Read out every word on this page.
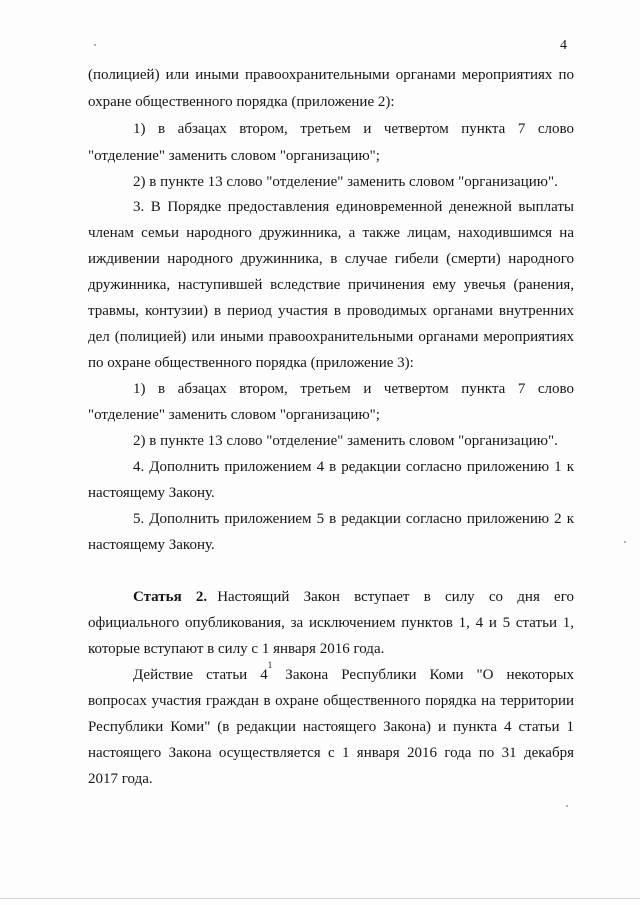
4
(полицией) или иными правоохранительными органами мероприятиях по
охране общественного порядка (приложение 2):
1) в абзацах втором, третьем и четвертом пункта 7 слово
"отделение" заменить словом "организацию";
2) в пункте 13 слово "отделение" заменить словом "организацию".
3. В Порядке предоставления единовременной денежной выплаты
членам семьи народного дружинника, а также лицам, находившимся на
иждивении народного дружинника, в случае гибели (смерти) народного
дружинника, наступившей вследствие причинения ему увечья (ранения,
травмы, контузии) в период участия в проводимых органами внутренних
дел (полицией) или иными правоохранительными органами мероприятиях
по охране общественного порядка (приложение 3):
1) в абзацах втором, третьем и четвертом пункта 7 слово
"отделение" заменить словом "организацию";
2) в пункте 13 слово "отделение" заменить словом "организацию".
4. Дополнить приложением 4 в редакции согласно приложению 1 к
настоящему Закону.
5. Дополнить приложением 5 в редакции согласно приложению 2 к
настоящему Закону.
Статья 2. Настоящий Закон вступает в силу со дня его
официального опубликования, за исключением пунктов 1, 4 и 5 статьи 1,
которые вступают в силу с 1 января 2016 года.
Действие статьи $4^1$ Закона Республики Коми "О некоторых
вопросах участия граждан в охране общественного порядка на территории
Республики Коми" (в редакции настоящего Закона) и пункта 4 статьи 1
настоящего Закона осуществляется с 1 января 2016 года по 31 декабря
2017 года.
